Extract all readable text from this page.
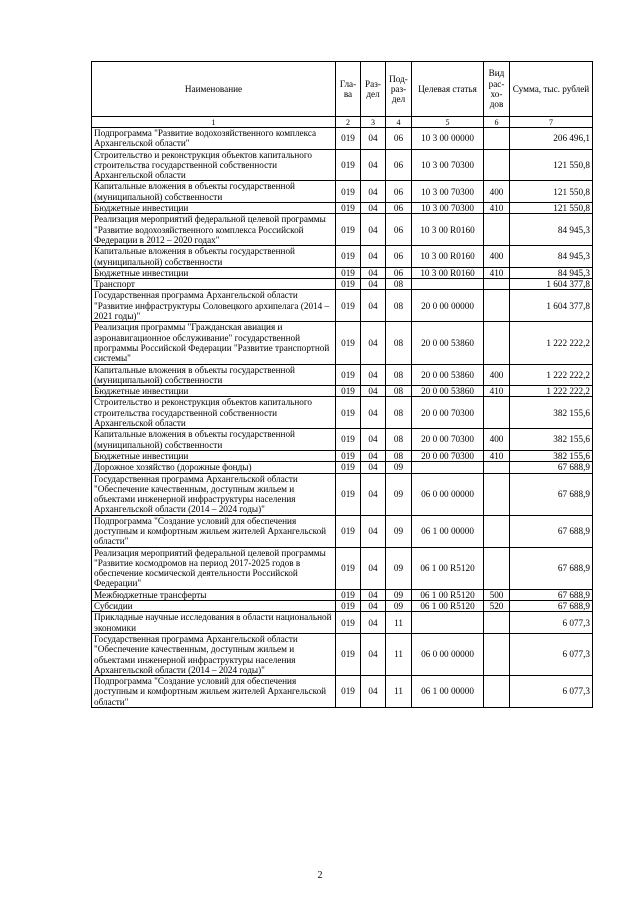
Наименование	Гла-ва	Раз-дел	Под-раз-дел	Целевая статья	Вид рас-хо-дов	Сумма, тыс. рублей
1	2	3	4	5	6	7
Подпрограмма "Развитие водохозяйственного комплекса Архангельской области"	019	04	06	10 3 00 00000		206 496,1
Строительство и реконструкция объектов капитального строительства государственной собственности Архангельской области	019	04	06	10 3 00 70300		121 550,8
Капитальные вложения в объекты государственной (муниципальной) собственности	019	04	06	10 3 00 70300	400	121 550,8
Бюджетные инвестиции	019	04	06	10 3 00 70300	410	121 550,8
Реализация мероприятий федеральной целевой программы "Развитие водохозяйственного комплекса Российской Федерации в 2012 – 2020 годах"	019	04	06	10 3 00 R0160		84 945,3
Капитальные вложения в объекты государственной (муниципальной) собственности	019	04	06	10 3 00 R0160	400	84 945,3
Бюджетные инвестиции	019	04	06	10 3 00 R0160	410	84 945,3
Транспорт	019	04	08			1 604 377,8
Государственная программа Архангельской области "Развитие инфраструктуры Соловецкого архипелага (2014 – 2021 годы)"	019	04	08	20 0 00 00000		1 604 377,8
Реализация программы "Гражданская авиация и аэронавигационное обслуживание" государственной программы Российской Федерации "Развитие транспортной системы"	019	04	08	20 0 00 53860		1 222 222,2
Капитальные вложения в объекты государственной (муниципальной) собственности	019	04	08	20 0 00 53860	400	1 222 222,2
Бюджетные инвестиции	019	04	08	20 0 00 53860	410	1 222 222,2
Строительство и реконструкция объектов капитального строительства государственной собственности Архангельской области	019	04	08	20 0 00 70300		382 155,6
Капитальные вложения в объекты государственной (муниципальной) собственности	019	04	08	20 0 00 70300	400	382 155,6
Бюджетные инвестиции	019	04	08	20 0 00 70300	410	382 155,6
Дорожное хозяйство (дорожные фонды)	019	04	09			67 688,9
Государственная программа Архангельской области "Обеспечение качественным, доступным жильем и объектами инженерной инфраструктуры населения Архангельской области (2014 – 2024 годы)"	019	04	09	06 0 00 00000		67 688,9
Подпрограмма "Создание условий для обеспечения доступным и комфортным жильем жителей Архангельской области"	019	04	09	06 1 00 00000		67 688,9
Реализация мероприятий федеральной целевой программы "Развитие космодромов на период 2017-2025 годов в обеспечение космической деятельности Российской Федерации"	019	04	09	06 1 00 R5120		67 688,9
Межбюджетные трансферты	019	04	09	06 1 00 R5120	500	67 688,9
Субсидии	019	04	09	06 1 00 R5120	520	67 688,9
Прикладные научные исследования в области национальной экономики	019	04	11			6 077,3
Государственная программа Архангельской области "Обеспечение качественным, доступным жильем и объектами инженерной инфраструктуры населения Архангельской области (2014 – 2024 годы)"	019	04	11	06 0 00 00000		6 077,3
Подпрограмма "Создание условий для обеспечения доступным и комфортным жильем жителей Архангельской области"	019	04	11	06 1 00 00000		6 077,3
2
